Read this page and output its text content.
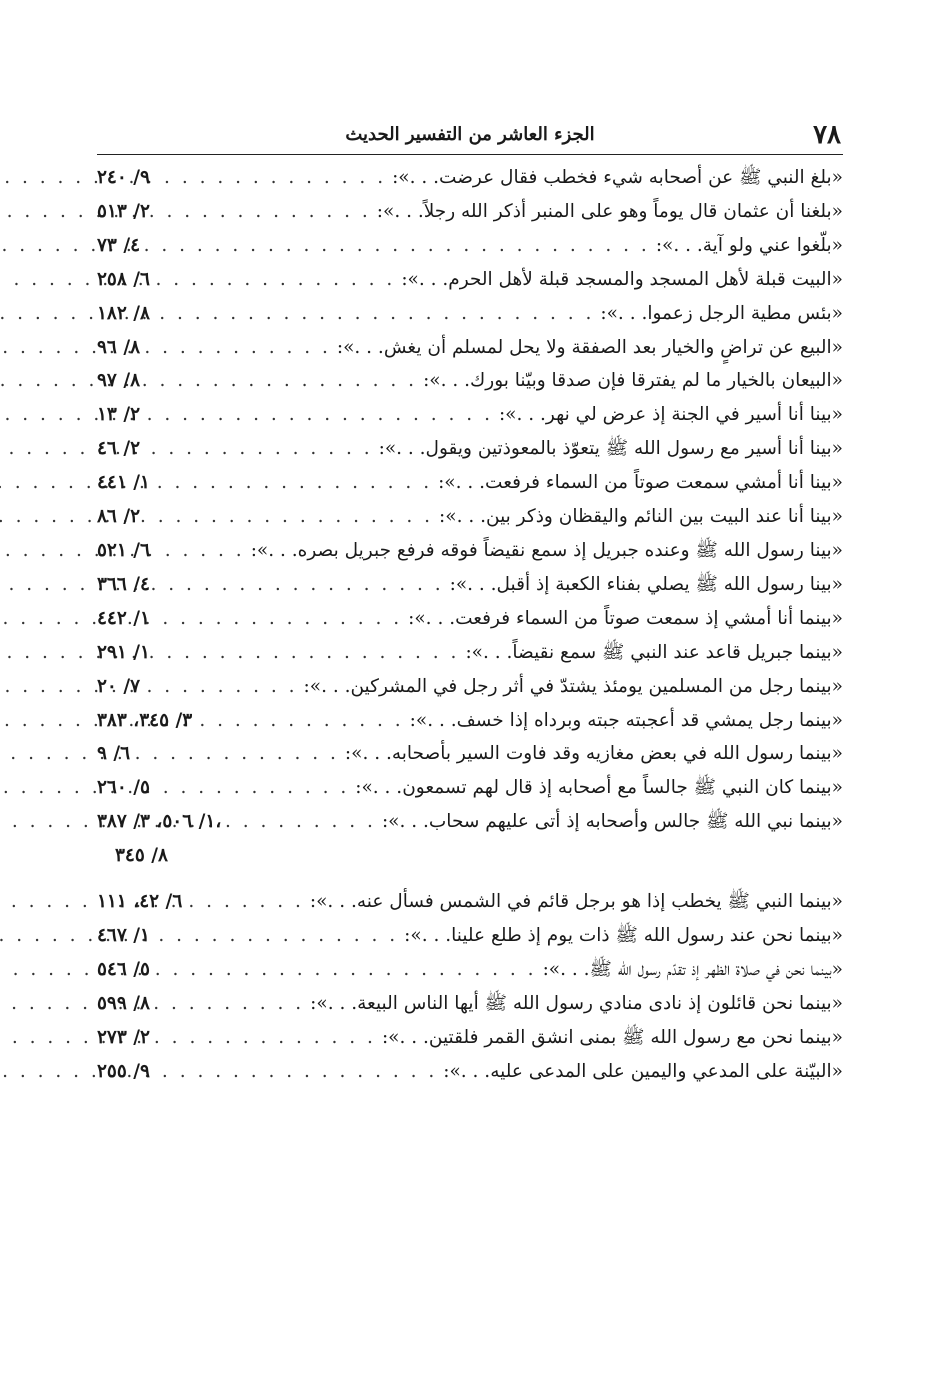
٧٨
الجزء العاشر من التفسير الحديث
«بلغ النبي ﷺ عن أصحابه شيء فخطب فقال عرضت. . .»:
. . .
٩/ ٢٤٠
«بلغنا أن عثمان قال يوماً وهو على المنبر أذكر الله رجلاً. . .»:
. . .
٢/ ٥١٣
«بلّغوا عني ولو آية. . .»:
. . .
٤/ ٧٣
«البيت قبلة لأهل المسجد والمسجد قبلة لأهل الحرم. . .»:
. . .
٦/ ٢٥٨
«بئس مطية الرجل زعموا. . .»:
. . .
٨/ ١٨٢
«البيع عن تراضٍ والخيار بعد الصفقة ولا يحل لمسلم أن يغش. . .»:
. . .
٨/ ٩٦
«البيعان بالخيار ما لم يفترقا فإن صدقا وبيّنا بورك. . .»:
. . .
٨/ ٩٧
«بينا أنا أسير في الجنة إذ عرض لي نهر. . .»:
. . .
٢/ ١٣
«بينا أنا أسير مع رسول الله ﷺ يتعوّذ بالمعوذتين ويقول. . .»:
. . .
٢/ ٤٦
«بينا أنا أمشي سمعت صوتاً من السماء فرفعت. . .»:
. . .
١/ ٤٤١
«بينا أنا عند البيت بين النائم واليقظان وذكر بين. . .»:
. . .
٢/ ٨٦
«بينا رسول الله ﷺ وعنده جبريل إذ سمع نقيضاً فوقه فرفع جبريل بصره. . .»:
. . .
٦/ ٥٢١
«بينا رسول الله ﷺ يصلي بفناء الكعبة إذ أقبل. . .»:
. . .
٤/ ٣٦٦
«بينما أنا أمشي إذ سمعت صوتاً من السماء فرفعت. . .»:
. . .
١/ ٤٤٢
«بينما جبريل قاعد عند النبي ﷺ سمع نقيضاً. . .»:
. . .
١/ ٢٩١
«بينما رجل من المسلمين يومئذ يشتدّ في أثر رجل في المشركين. . .»:
. . .
٧/ ٢٠
«بينما رجل يمشي قد أعجبته جبته وبرداه إذا خسف. . .»:
. . .
٣/ ٣٤٥، ٣٨٣
«بينما رسول الله في بعض مغازيه وقد فاوت السير بأصحابه. . .»:
. . .
٦/ ٩
«بينما كان النبي ﷺ جالساً مع أصحابه إذ قال لهم تسمعون. . .»:
. . .
٥/ ٢٦٠
«بينما نبي الله ﷺ جالس وأصحابه إذ أتى عليهم سحاب. . .»:
. . .
١/ ٥٠٦، ٣/ ٣٨٧،
٨/ ٣٤٥
«بينما النبي ﷺ يخطب إذا هو برجل قائم في الشمس فسأل عنه. . .»:
. . .
٦/ ٤٢، ١١١
«بينما نحن عند رسول الله ﷺ ذات يوم إذ طلع علينا. . .»:
. . .
١/ ٤٦٧
«بينما نحن في صلاة الظهر إذ تقدّم رسول الله ﷺ. . .»:
. . .
٥/ ٥٤٦
«بينما نحن قائلون إذ نادى منادي رسول الله ﷺ أيها الناس البيعة. . .»:
. . .
٨/ ٥٩٩
«بينما نحن مع رسول الله ﷺ بمنى انشق القمر فلقتين. . .»:
. . .
٢/ ٢٧٣
«البيّنة على المدعي واليمين على المدعى عليه. . .»:
. . .
٩/ ٢٥٥
